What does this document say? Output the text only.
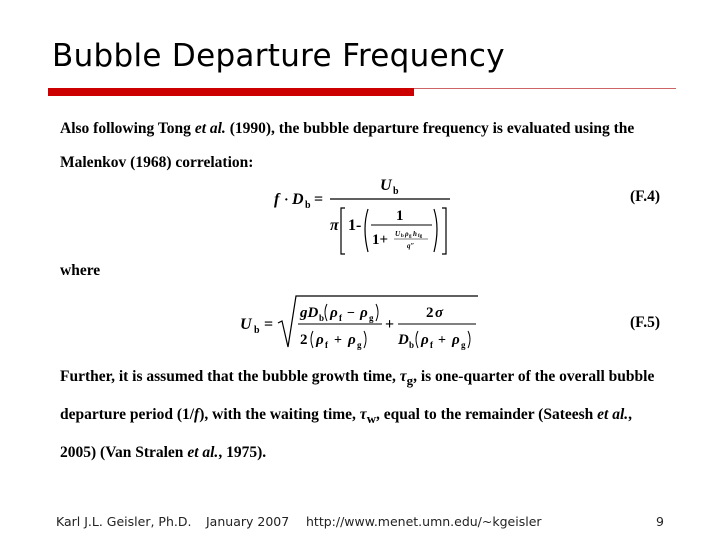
Bubble Departure Frequency
Also following Tong et al. (1990), the bubble departure frequency is evaluated using the Malenkov (1968) correlation:
f · D b =
U b
π 1-
1
1+ U b ρ g h fg
q″
(F.4)
where
U b =
gD b ρ f − ρ g
2 ρ f + ρ g
+
2 σ
D b ρ f + ρ g
(F.5)
Further, it is assumed that the bubble growth time, $\tau_g$, is one-quarter of the overall bubble departure period (1/f), with the waiting time, $\tau_w$, equal to the remainder (Sateesh et al., 2005) (Van Stralen et al., 1975).
Karl J.L. Geisler, Ph.D. January 2007 http://www.menet.umn.edu/~kgeisler	9
